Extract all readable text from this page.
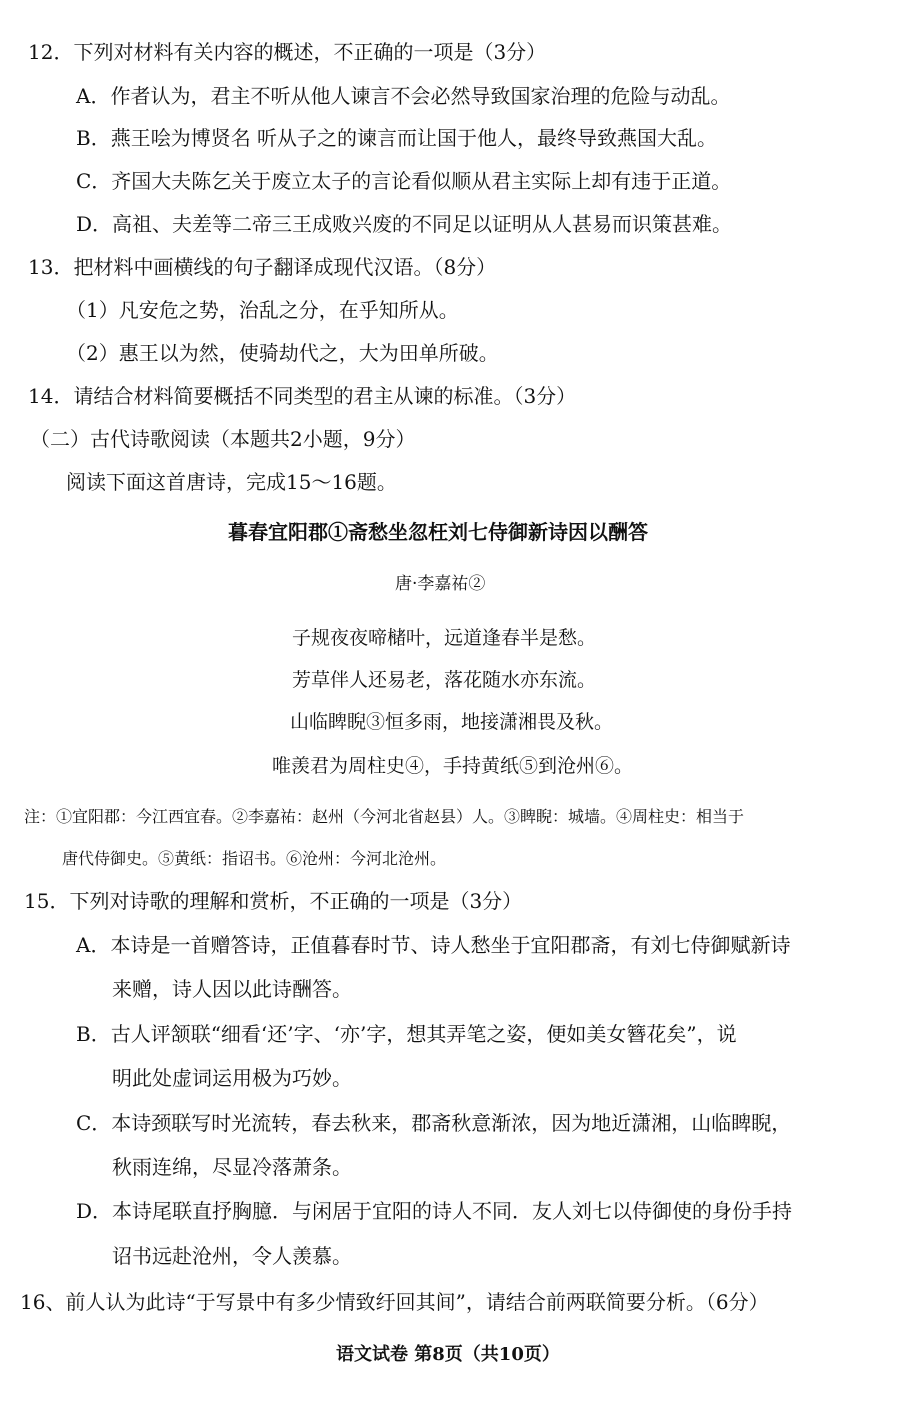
12．下列对材料有关内容的概述，不正确的一项是（3分）
A．作者认为，君主不听从他人谏言不会必然导致国家治理的危险与动乱。
B．燕王哙为博贤名 听从子之的谏言而让国于他人，最终导致燕国大乱。
C．齐国大夫陈乞关于废立太子的言论看似顺从君主实际上却有违于正道。
D．高祖、夫差等二帝三王成败兴废的不同足以证明从人甚易而识策甚难。
13．把材料中画横线的句子翻译成现代汉语。（8分）
（1）凡安危之势，治乱之分，在乎知所从。
（2）惠王以为然，使骑劫代之，大为田单所破。
14．请结合材料简要概括不同类型的君主从谏的标准。（3分）
（二）古代诗歌阅读（本题共2小题，9分）
阅读下面这首唐诗，完成15～16题。
暮春宜阳郡①斋愁坐忽枉刘七侍御新诗因以酬答
唐·李嘉祐②
子规夜夜啼槠叶，远道逢春半是愁。
芳草伴人还易老，落花随水亦东流。
山临睥睨③恒多雨，地接潇湘畏及秋。
唯羡君为周柱史④，手持黄纸⑤到沧州⑥。
注：①宜阳郡：今江西宜春。②李嘉祐：赵州（今河北省赵县）人。③睥睨：城墙。④周柱史：相当于
唐代侍御史。⑤黄纸：指诏书。⑥沧州：今河北沧州。
15．下列对诗歌的理解和赏析，不正确的一项是（3分）
A．本诗是一首赠答诗，正值暮春时节、诗人愁坐于宜阳郡斋，有刘七侍御赋新诗
来赠，诗人因以此诗酬答。
B．古人评颔联“细看‘还’字、‘亦’字，想其弄笔之姿，便如美女簪花矣”，说
明此处虚词运用极为巧妙。
C．本诗颈联写时光流转，春去秋来，郡斋秋意渐浓，因为地近潇湘，山临睥睨，
秋雨连绵，尽显冷落萧条。
D．本诗尾联直抒胸臆．与闲居于宜阳的诗人不同．友人刘七以侍御使的身份手持
诏书远赴沧州，令人羡慕。
16、前人认为此诗“于写景中有多少情致纡回其间”，请结合前两联简要分析。（6分）
语文试卷 第8页（共10页）
